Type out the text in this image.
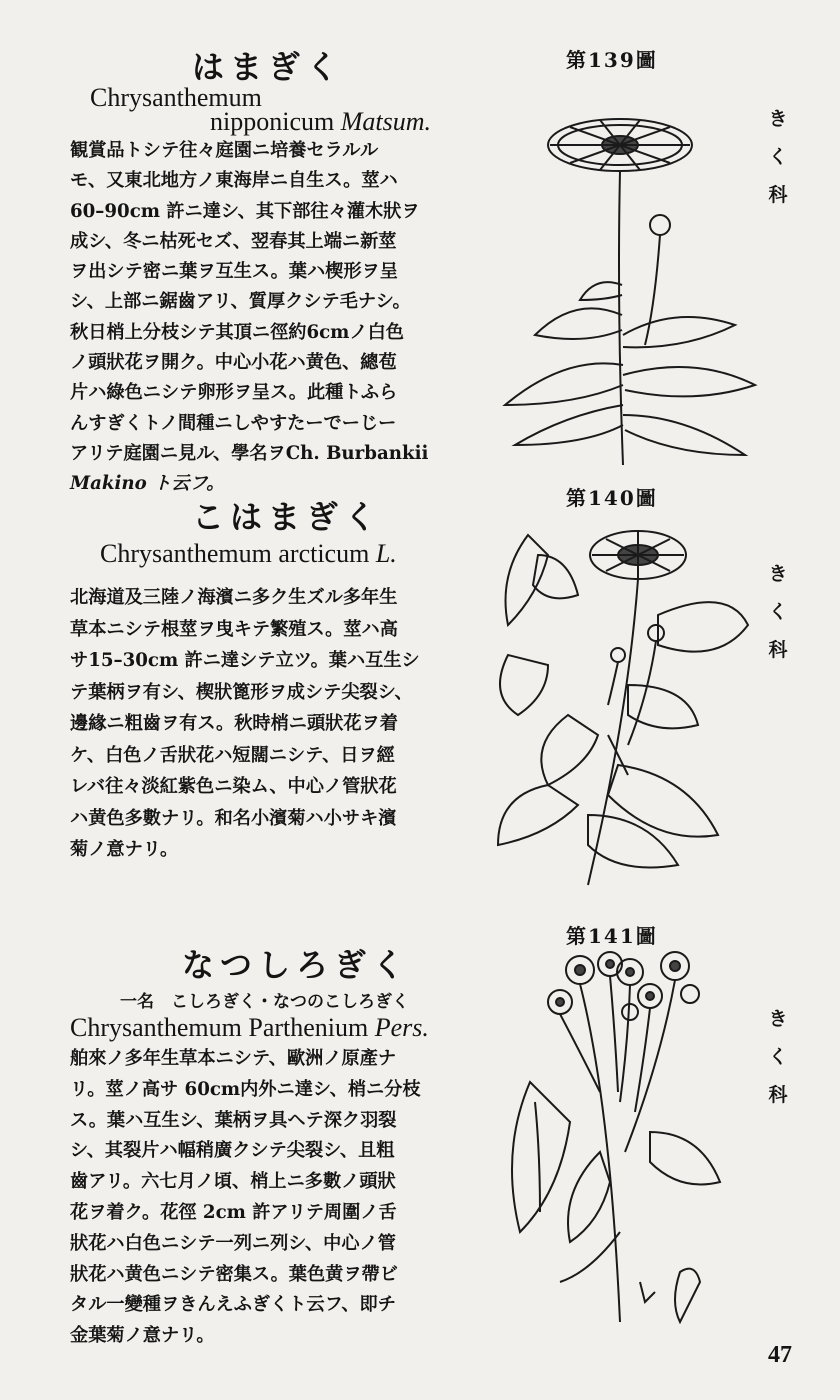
はまぎく
Chrysanthemum
nipponicum Matsum.
観賞品トシテ往々庭園ニ培養セラルル
モ、又東北地方ノ東海岸ニ自生ス。莖ハ
60–90cm 許ニ達シ、其下部往々灌木狀ヲ
成シ、冬ニ枯死セズ、翌春其上端ニ新莖
ヲ出シテ密ニ葉ヲ互生ス。葉ハ楔形ヲ呈
シ、上部ニ鋸齒アリ、質厚クシテ毛ナシ。
秋日梢上分枝シテ其頂ニ徑約6cmノ白色
ノ頭狀花ヲ開ク。中心小花ハ黄色、總苞
片ハ綠色ニシテ卵形ヲ呈ス。此種トふら
んすぎくトノ間種ニしやすたーでーじー
アリテ庭園ニ見ル、學名ヲCh. Burbankii
Makino ト云フ。
第139圖
き
く
科
こはまぎく
Chrysanthemum arcticum L.
北海道及三陸ノ海濱ニ多ク生ズル多年生
草本ニシテ根莖ヲ曳キテ繁殖ス。莖ハ高
サ15–30cm 許ニ達シテ立ツ。葉ハ互生シ
テ葉柄ヲ有シ、楔狀篦形ヲ成シテ尖裂シ、
邊緣ニ粗齒ヲ有ス。秋時梢ニ頭狀花ヲ着
ケ、白色ノ舌狀花ハ短闊ニシテ、日ヲ經
レバ往々淡紅紫色ニ染ム、中心ノ管狀花
ハ黄色多數ナリ。和名小濱菊ハ小サキ濱
菊ノ意ナリ。
第140圖
き
く
科
なつしろぎく
一名　こしろぎく・なつのこしろぎく
Chrysanthemum Parthenium Pers.
舶來ノ多年生草本ニシテ、歐洲ノ原產ナ
リ。莖ノ高サ 60cm内外ニ達シ、梢ニ分枝
ス。葉ハ互生シ、葉柄ヲ具ヘテ深ク羽裂
シ、其裂片ハ幅稍廣クシテ尖裂シ、且粗
齒アリ。六七月ノ頃、梢上ニ多數ノ頭狀
花ヲ着ク。花徑 2cm 許アリテ周圍ノ舌
狀花ハ白色ニシテ一列ニ列シ、中心ノ管
狀花ハ黄色ニシテ密集ス。葉色黄ヲ帶ビ
タル一變種ヲきんえふぎくト云フ、即チ
金葉菊ノ意ナリ。
第141圖
き
く
科
47
